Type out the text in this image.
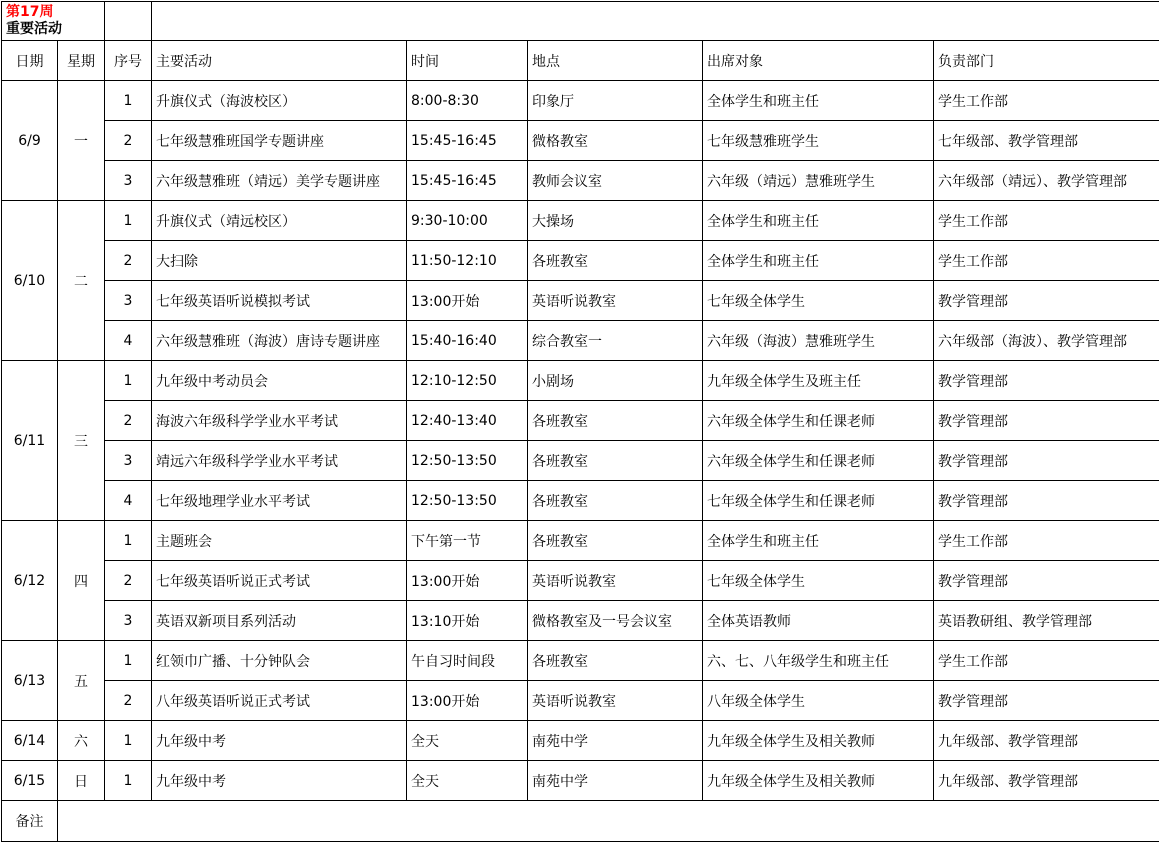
第17周
重要活动							

日期	星期	序号	主要活动	时间	地点	出席对象	负责部门
6/9	一	1	升旗仪式（海波校区）	8:00-8:30	印象厅	全体学生和班主任	学生工作部
		2	七年级慧雅班国学专题讲座	15:45-16:45	微格教室	七年级慧雅班学生	七年级部、教学管理部
		3	六年级慧雅班（靖远）美学专题讲座	15:45-16:45	教师会议室	六年级（靖远）慧雅班学生	六年级部（靖远）、教学管理部
6/10	二	1	升旗仪式（靖远校区）	9:30-10:00	大操场	全体学生和班主任	学生工作部
		2	大扫除	11:50-12:10	各班教室	全体学生和班主任	学生工作部
		3	七年级英语听说模拟考试	13:00开始	英语听说教室	七年级全体学生	教学管理部
		4	六年级慧雅班（海波）唐诗专题讲座	15:40-16:40	综合教室一	六年级（海波）慧雅班学生	六年级部（海波）、教学管理部
6/11	三	1	九年级中考动员会	12:10-12:50	小剧场	九年级全体学生及班主任	教学管理部
		2	海波六年级科学学业水平考试	12:40-13:40	各班教室	六年级全体学生和任课老师	教学管理部
		3	靖远六年级科学学业水平考试	12:50-13:50	各班教室	六年级全体学生和任课老师	教学管理部
		4	七年级地理学业水平考试	12:50-13:50	各班教室	七年级全体学生和任课老师	教学管理部
6/12	四	1	主题班会	下午第一节	各班教室	全体学生和班主任	学生工作部
		2	七年级英语听说正式考试	13:00开始	英语听说教室	七年级全体学生	教学管理部
		3	英语双新项目系列活动	13:10开始	微格教室及一号会议室	全体英语教师	英语教研组、教学管理部
6/13	五	1	红领巾广播、十分钟队会	午自习时间段	各班教室	六、七、八年级学生和班主任	学生工作部
		2	八年级英语听说正式考试	13:00开始	英语听说教室	八年级全体学生	教学管理部
6/14	六	1	九年级中考	全天	南苑中学	九年级全体学生及相关教师	九年级部、教学管理部
6/15	日	1	九年级中考	全天	南苑中学	九年级全体学生及相关教师	九年级部、教学管理部
备注							
